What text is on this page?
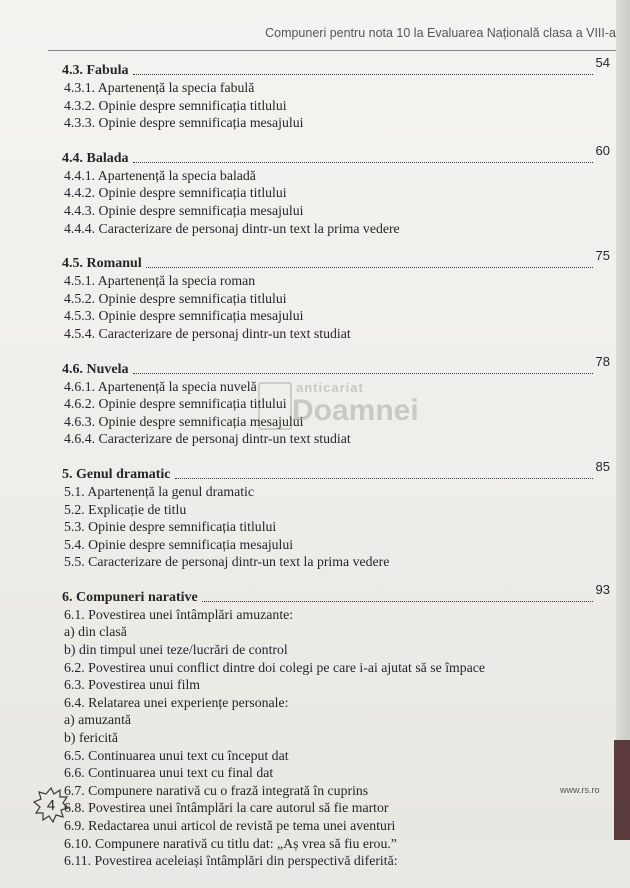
Compuneri pentru nota 10 la Evaluarea Națională clasa a VIII-a
4.3. Fabula
54
4.3.1. Apartenență la specia fabulă
4.3.2. Opinie despre semnificația titlului
4.3.3. Opinie despre semnificația mesajului
4.4. Balada
60
4.4.1. Apartenență la specia baladă
4.4.2. Opinie despre semnificația titlului
4.4.3. Opinie despre semnificația mesajului
4.4.4. Caracterizare de personaj dintr-un text la prima vedere
4.5. Romanul
75
4.5.1. Apartenență la specia roman
4.5.2. Opinie despre semnificația titlului
4.5.3. Opinie despre semnificația mesajului
4.5.4. Caracterizare de personaj dintr-un text studiat
4.6. Nuvela
78
4.6.1. Apartenență la specia nuvelă
4.6.2. Opinie despre semnificația titlului
4.6.3. Opinie despre semnificația mesajului
4.6.4. Caracterizare de personaj dintr-un text studiat
5. Genul dramatic
85
5.1. Apartenență la genul dramatic
5.2. Explicație de titlu
5.3. Opinie despre semnificația titlului
5.4. Opinie despre semnificația mesajului
5.5. Caracterizare de personaj dintr-un text la prima vedere
6. Compuneri narative
93
6.1. Povestirea unei întâmplări amuzante:
a) din clasă
b) din timpul unei teze/lucrări de control
6.2. Povestirea unui conflict dintre doi colegi pe care i-ai ajutat să se împace
6.3. Povestirea unui film
6.4. Relatarea unei experiențe personale:
a) amuzantă
b) fericită
6.5. Continuarea unui text cu început dat
6.6. Continuarea unui text cu final dat
6.7. Compunere narativă cu o frază integrată în cuprins
6.8. Povestirea unei întâmplări la care autorul să fie martor
6.9. Redactarea unui articol de revistă pe tema unei aventuri
6.10. Compunere narativă cu titlu dat: „Aș vrea să fiu erou.”
6.11. Povestirea aceleiași întâmplări din perspectivă diferită:
anticariat
Doamnei
4
www.rs.ro
